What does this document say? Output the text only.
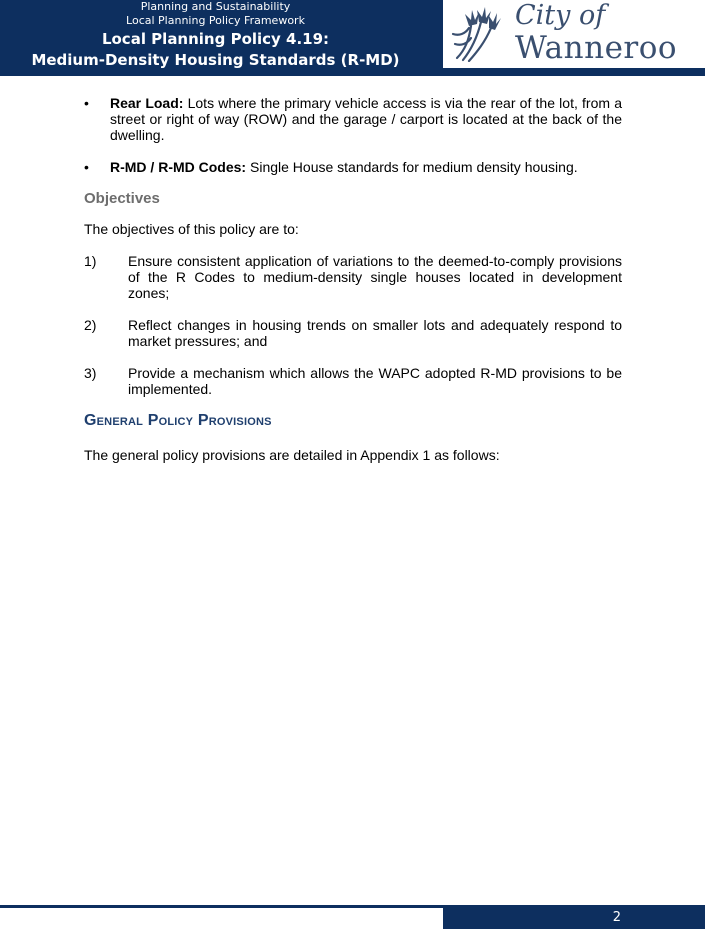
Planning and Sustainability
Local Planning Policy Framework
Local Planning Policy 4.19:
Medium-Density Housing Standards (R-MD)
City of
Wanneroo
• Rear Load: Lots where the primary vehicle access is via the rear of the lot, from a street or right of way (ROW) and the garage / carport is located at the back of the dwelling.
• R-MD / R-MD Codes: Single House standards for medium density housing.
Objectives
The objectives of this policy are to:
1) Ensure consistent application of variations to the deemed-to-comply provisions of the R Codes to medium-density single houses located in development zones;
2) Reflect changes in housing trends on smaller lots and adequately respond to market pressures; and
3) Provide a mechanism which allows the WAPC adopted R-MD provisions to be implemented.
General Policy Provisions
The general policy provisions are detailed in Appendix 1 as follows:
2
